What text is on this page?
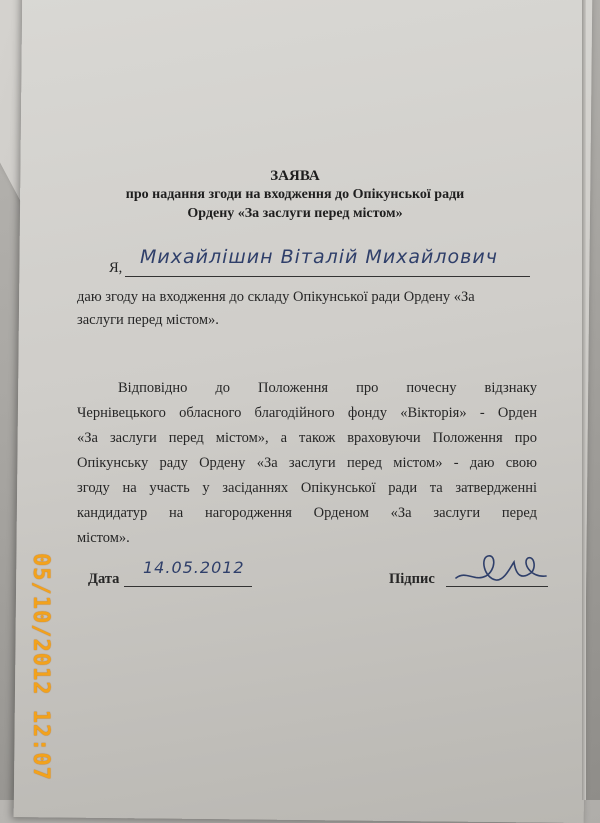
ЗАЯВА
про надання згоди на входження до Опікунської ради
Ордену «За заслуги перед містом»
Я, Михайлішин Віталій Михайлович
даю згоду на входження до складу Опікунської ради Ордену «За
заслуги перед містом».
Відповідно до Положення про почесну відзнаку
Чернівецького обласного благодійного фонду «Вікторія» - Орден
«За заслуги перед містом», а також враховуючи Положення про
Опікунську раду Ордену «За заслуги перед містом» - даю свою
згоду на участь у засіданнях Опікунської ради та затвердженні
кандидатур на нагородження Орденом «За заслуги перед
містом».
Дата
14.05.2012
Підпис
05/10/2012 12:07
